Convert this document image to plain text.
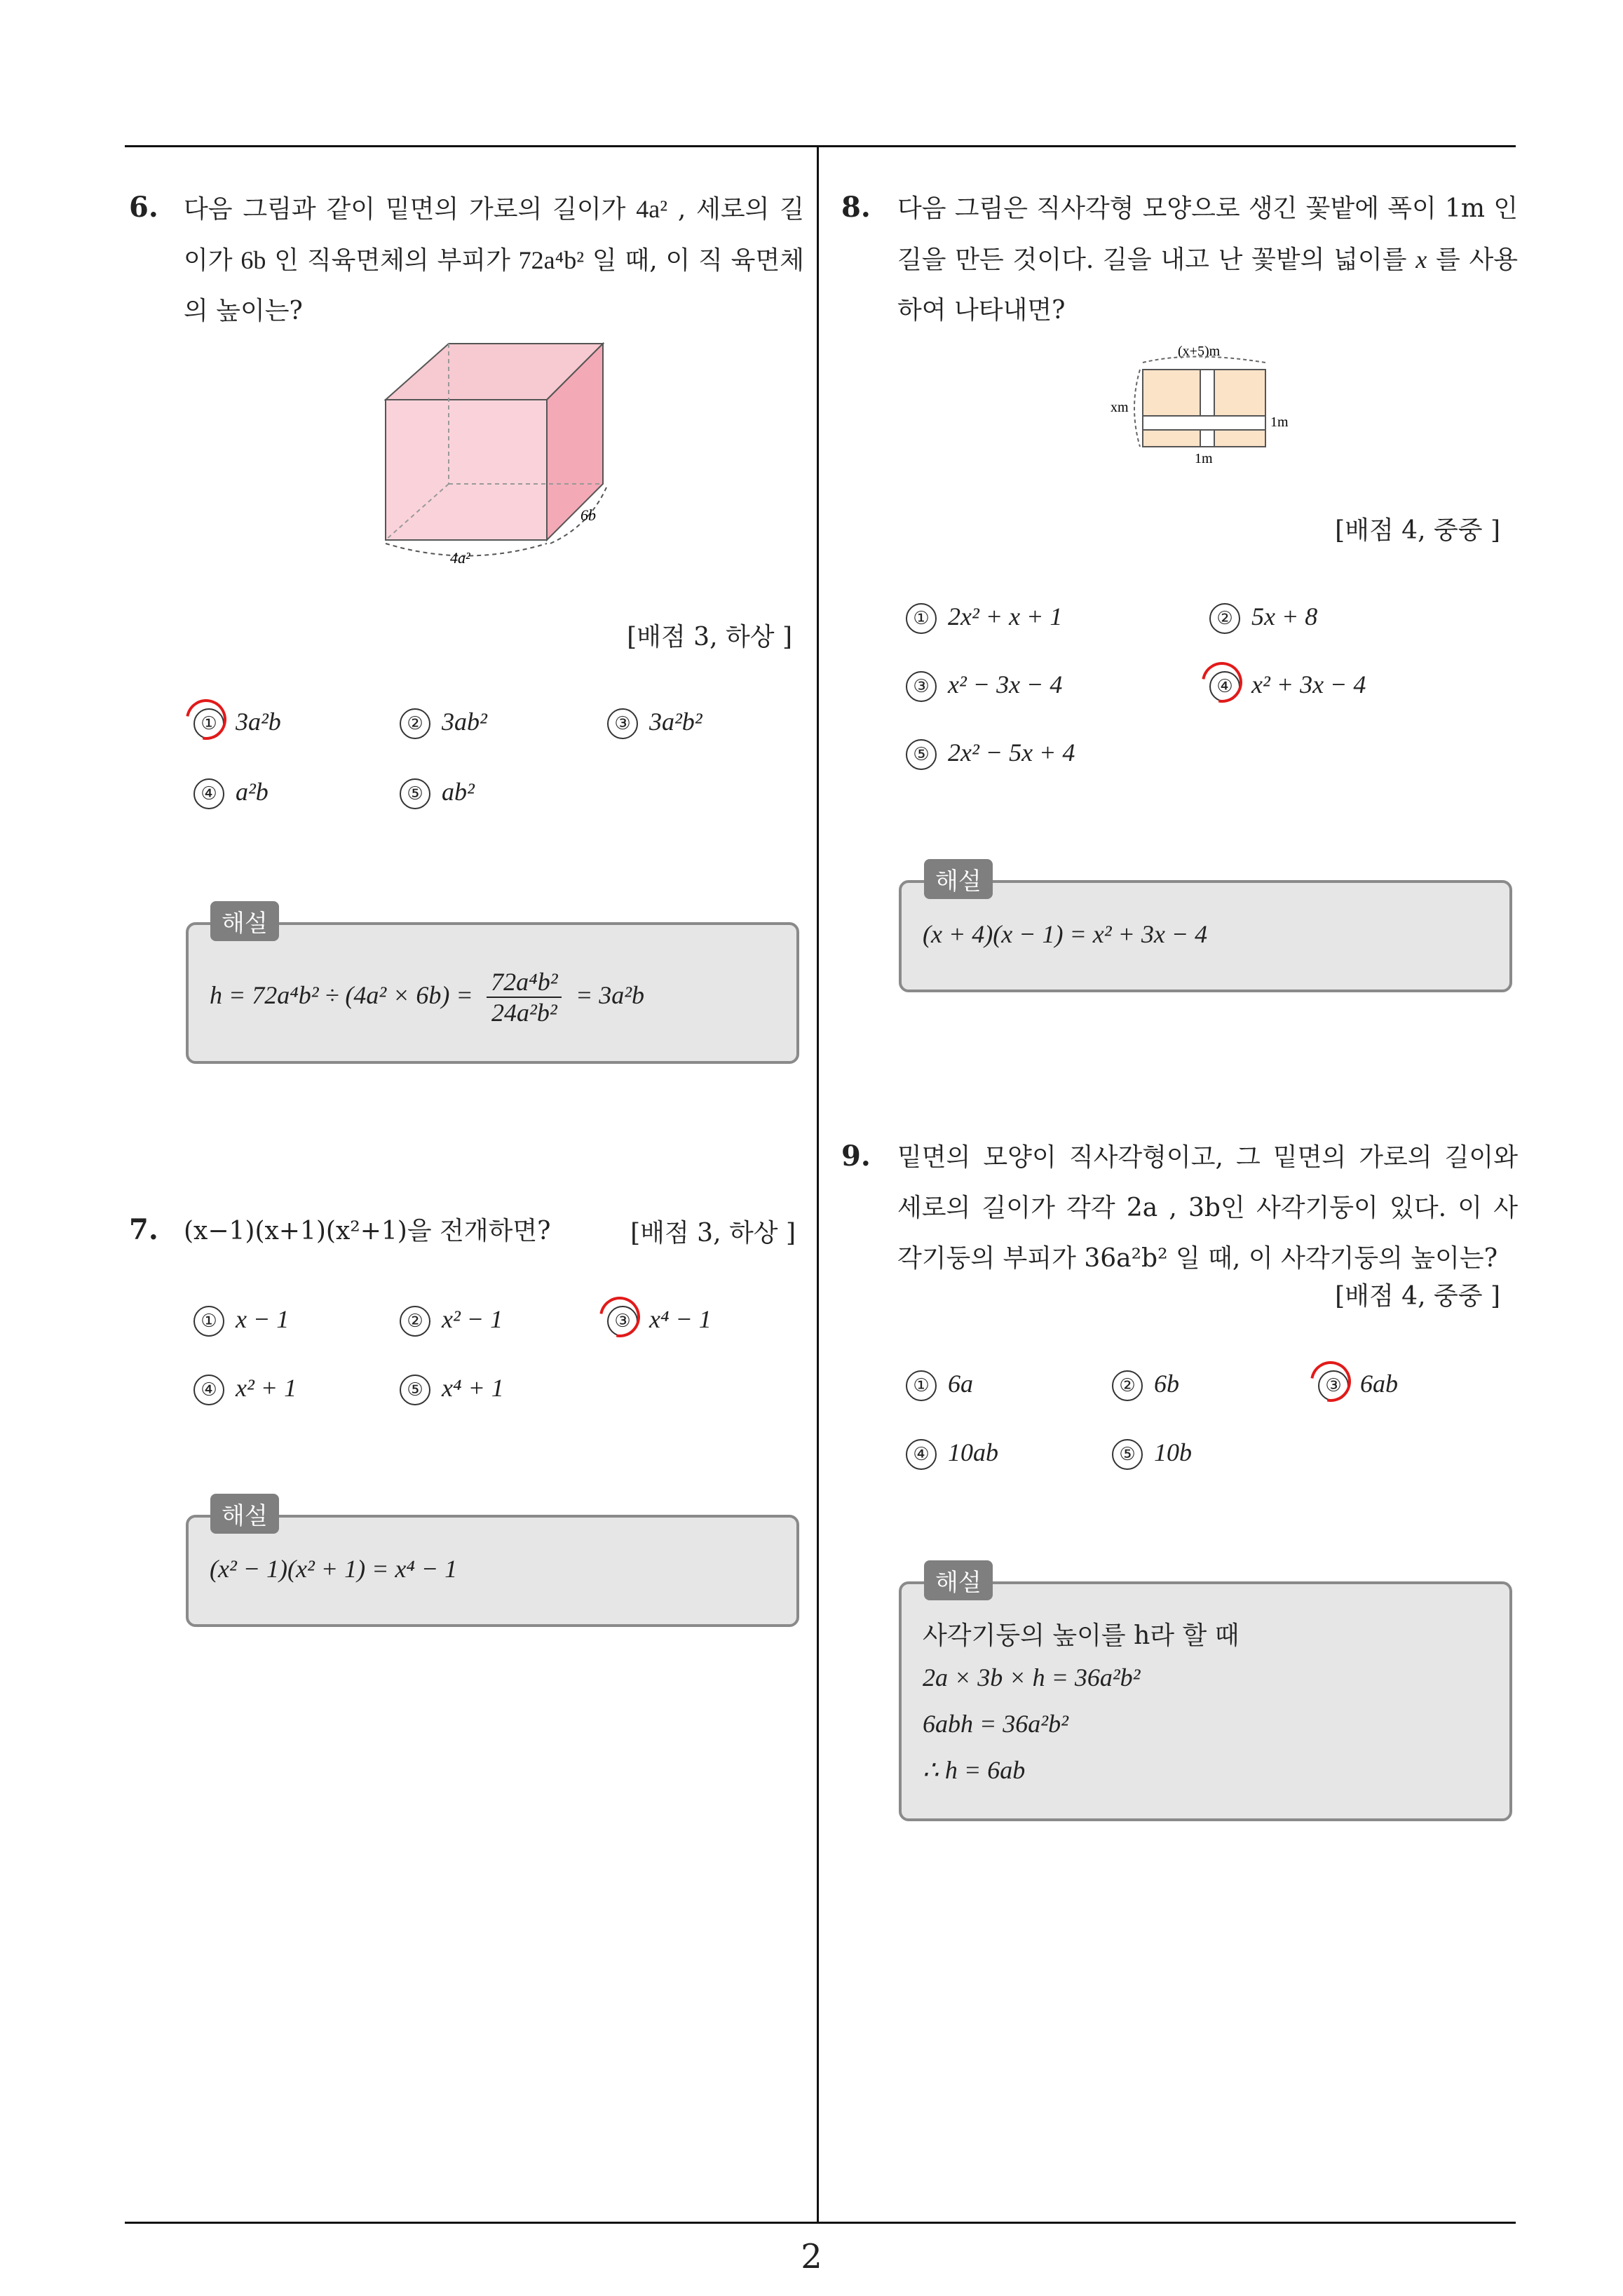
2
6. 다음 그림과 같이 밑면의 가로의 길이가 4a² , 세로의 길이가 6b 인 직육면체의 부피가 72a⁴b² 일 때, 이 직 육면체의 높이는?
6b
4a²
[배점 3, 하상 ]
① 3a²b	② 3ab²	③ 3a²b²
④ a²b	⑤ ab²
$h = 72a^4b^2 \div (4a^2 \times 6b) = \frac{\text{72a⁴b²}}{\text{24a²b²}} = 3a^2b$
해설
7. (x−1)(x+1)(x²+1)을 전개하면?	[배점 3, 하상 ]
① x − 1	② x² − 1	③ x⁴ − 1
④ x² + 1	⑤ x⁴ + 1
(x² − 1)(x² + 1) = x⁴ − 1
해설
8. 다음 그림은 직사각형 모양으로 생긴 꽃밭에 폭이 1m 인 길을 만든 것이다. 길을 내고 난 꽃밭의 넓이를 x 를 사용하여 나타내면?
(x+5)m
xm
1m
1m
[배점 4, 중중 ]
① 2x² + x + 1	② 5x + 8
③ x² − 3x − 4	④ x² + 3x − 4
⑤ 2x² − 5x + 4
(x + 4)(x − 1) = x² + 3x − 4
해설
9. 밑면의 모양이 직사각형이고, 그 밑면의 가로의 길이와 세로의 길이가 각각 2a , 3b인 사각기둥이 있다. 이 사 각기둥의 부피가 36a²b² 일 때, 이 사각기둥의 높이는?
[배점 4, 중중 ]
① 6a	② 6b	③ 6ab
④ 10ab	⑤ 10b
사각기둥의 높이를 h라 할 때
2a × 3b × h = 36a²b²
6abh = 36a²b²
∴ h = 6ab
해설
